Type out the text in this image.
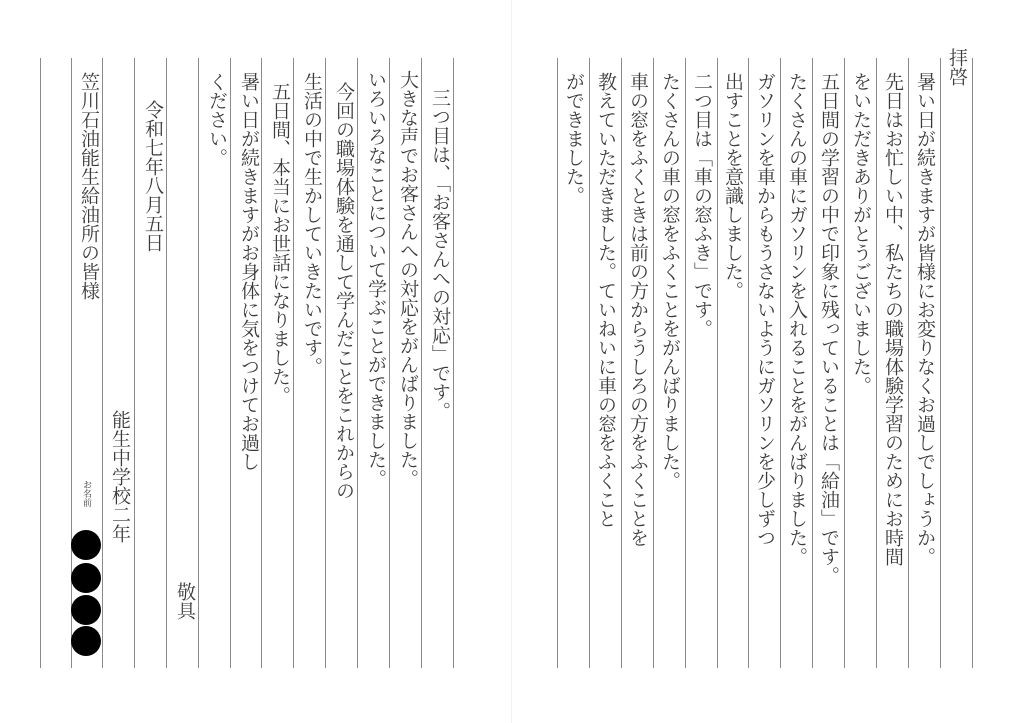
拝啓
暑い日が続きますが皆様にお変りなくお過しでしょうか。
先日はお忙しい中、私たちの職場体験学習のためにお時間
をいただきありがとうございました。
五日間の学習の中で印象に残っていることは「給油」です。
たくさんの車にガソリンを入れることをがんばりました。
ガソリンを車からもうさないようにガソリンを少しずつ
出すことを意識しました。
二つ目は「車の窓ふき」です。
たくさんの車の窓をふくことをがんばりました。
車の窓をふくときは前の方からうしろの方をふくことを
教えていただきました。ていねいに車の窓をふくこと
ができました。
三つ目は、「お客さんへの対応」です。
大きな声でお客さんへの対応をがんばりました。
いろいろなことについて学ぶことができました。
今回の職場体験を通して学んだことをこれからの
生活の中で生かしていきたいです。
五日間、本当にお世話になりました。
暑い日が続きますがお身体に気をつけてお過し
ください。
敬具
令和七年八月五日
笠川石油能生給油所の皆様
能生中学校二年
お名前
